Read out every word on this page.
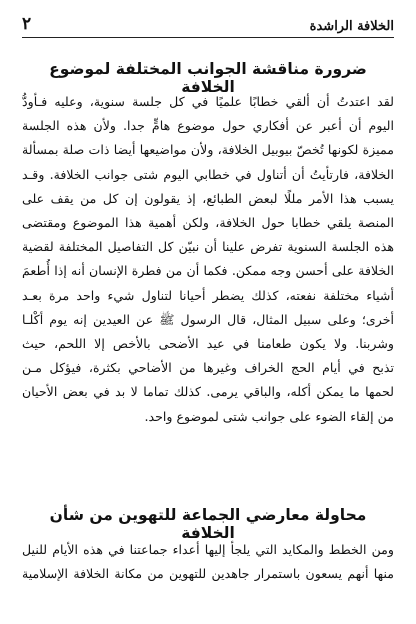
الخلافة الراشدة
٢
ضرورة مناقشة الجوانب المختلفة لموضوع الخلافة

لقد اعتدتُ أن ألقي خطابًا علميًا في كل جلسة سنوية، وعليه فـأودُّ
اليوم أن أعبر عن أفكاري حول موضوع هامٍّ جدا. ولأن هذه الجلسة
مميزة لكونها تُخصّ بيوبيل الخلافة، ولأن مواضيعها أيضا ذات صلة بمسألة
الخلافة، فارتأيتُ أن أتناول في خطابي اليوم شتى جوانب الخلافة. وقـد
يسبب هذا الأمر مللًا لبعض الطبائع، إذ يقولون إن كل من يقف على
المنصة يلقي خطابا حول الخلافة، ولكن أهمية هذا الموضوع ومقتضى
هذه الجلسة السنوية تفرض علينا أن نبيّن كل التفاصيل المختلفة لقضية
الخلافة على أحسن وجه ممكن. فكما أن من فطرة الإنسان أنه إذا أُطعمَ
أشياء مختلفة نفعته، كذلك يضطر أحيانا لتناول شيء واحد مرة بعـد
أخرى؛ وعلى سبيل المثال، قال الرسول ﷺ عن العيدين إنه يوم أكْلـا
وشربنا. ولا يكون طعامنا في عيد الأضحى بالأخص إلا اللحم، حيث
تذبح في أيام الحج الخراف وغيرها من الأضاحي بكثرة، فيؤكل مـن
لحمها ما يمكن أكله، والباقي يرمى. كذلك تماما لا بد في بعض الأحيان
من إلقاء الضوء على جوانب شتى لموضوع واحد.

محاولة معارضي الجماعة للتهوين من شأن الخلافة

ومن الخطط والمكايد التي يلجأ إليها أعداء جماعتنا في هذه الأيام للنيل
منها أنهم يسعون باستمرار جاهدين للتهوين من مكانة الخلافة الإسلامية
